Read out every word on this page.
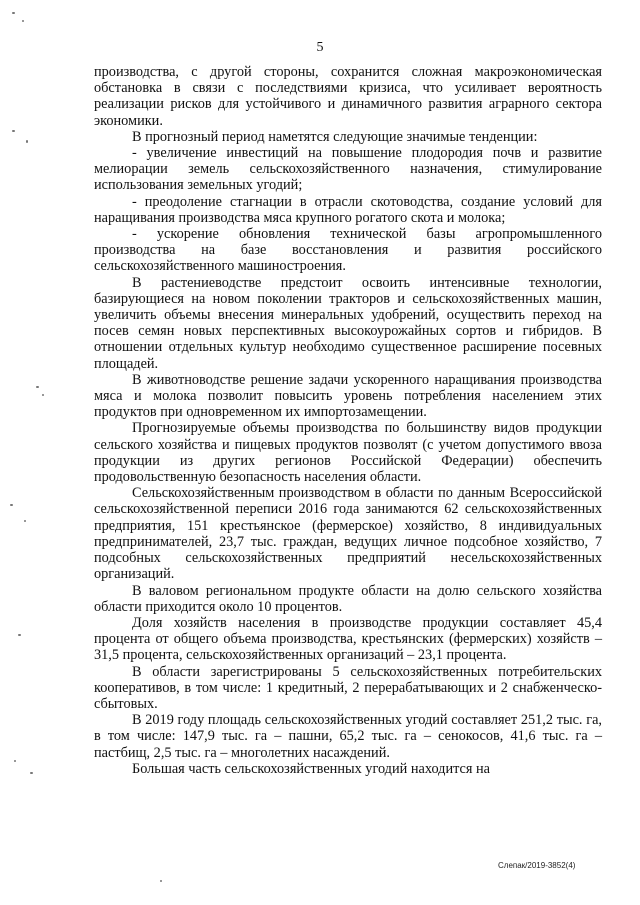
5

производства, с другой стороны, сохранится сложная макроэкономическая обстановка в связи с последствиями кризиса, что усиливает вероятность реализации рисков для устойчивого и динамичного развития аграрного сектора экономики.

В прогнозный период наметятся следующие значимые тенденции:

- увеличение инвестиций на повышение плодородия почв и развитие мелиорации земель сельскохозяйственного назначения, стимулирование использования земельных угодий;

- преодоление стагнации в отрасли скотоводства, создание условий для наращивания производства мяса крупного рогатого скота и молока;

- ускорение обновления технической базы агропромышленного производства на базе восстановления и развития российского сельскохозяйственного машиностроения.

В растениеводстве предстоит освоить интенсивные технологии, базирующиеся на новом поколении тракторов и сельскохозяйственных машин, увеличить объемы внесения минеральных удобрений, осуществить переход на посев семян новых перспективных высокоурожайных сортов и гибридов. В отношении отдельных культур необходимо существенное расширение посевных площадей.

В животноводстве решение задачи ускоренного наращивания производства мяса и молока позволит повысить уровень потребления населением этих продуктов при одновременном их импортозамещении.

Прогнозируемые объемы производства по большинству видов продукции сельского хозяйства и пищевых продуктов позволят (с учетом допустимого ввоза продукции из других регионов Российской Федерации) обеспечить продовольственную безопасность населения области.

Сельскохозяйственным производством в области по данным Всероссийской сельскохозяйственной переписи 2016 года занимаются 62 сельскохозяйственных предприятия, 151 крестьянское (фермерское) хозяйство, 8 индивидуальных предпринимателей, 23,7 тыс. граждан, ведущих личное подсобное хозяйство, 7 подсобных сельскохозяйственных предприятий несельскохозяйственных организаций.

В валовом региональном продукте области на долю сельского хозяйства области приходится около 10 процентов.

Доля хозяйств населения в производстве продукции составляет 45,4 процента от общего объема производства, крестьянских (фермерских) хозяйств – 31,5 процента, сельскохозяйственных организаций – 23,1 процента.

В области зарегистрированы 5 сельскохозяйственных потребительских кооперативов, в том числе: 1 кредитный, 2 перерабатывающих и 2 снабженческо-сбытовых.

В 2019 году площадь сельскохозяйственных угодий составляет 251,2 тыс. га, в том числе: 147,9 тыс. га – пашни, 65,2 тыс. га – сенокосов, 41,6 тыс. га – пастбищ, 2,5 тыс. га – многолетних насаждений.

Большая часть сельскохозяйственных угодий находится на

Слепак/2019-3852(4)
